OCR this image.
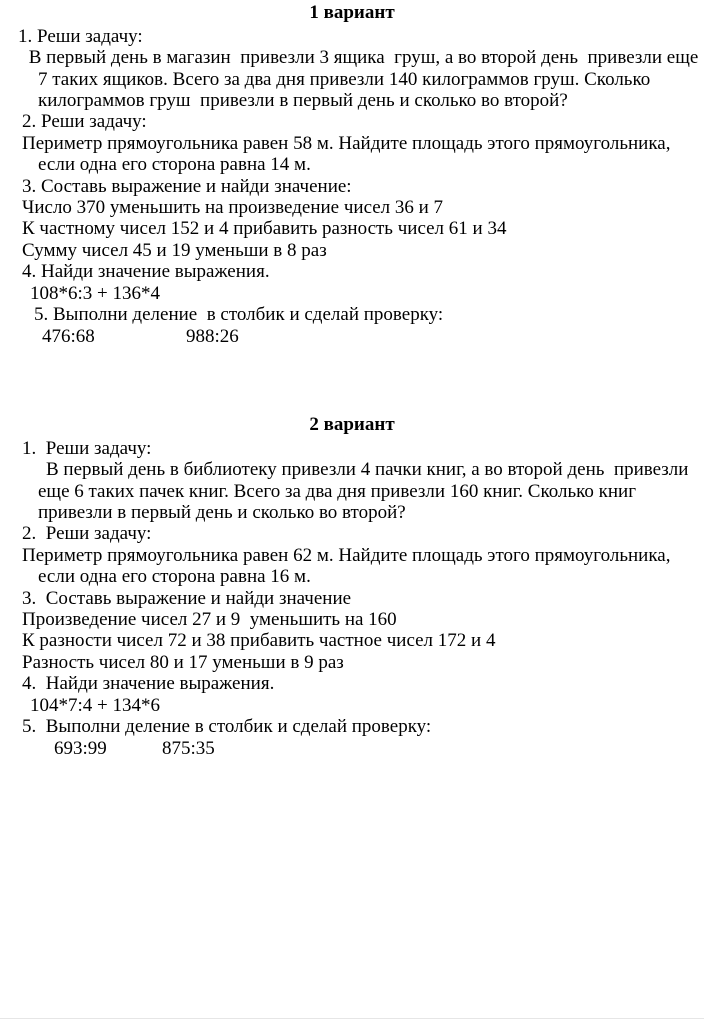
1 вариант
1. Реши задачу:
В первый день в магазин  привезли 3 ящика  груш, а во второй день  привезли еще
7 таких ящиков. Всего за два дня привезли 140 килограммов груш. Сколько
килограммов груш  привезли в первый день и сколько во второй?
2. Реши задачу:
Периметр прямоугольника равен 58 м. Найдите площадь этого прямоугольника,
если одна его сторона равна 14 м.
3. Составь выражение и найди значение:
Число 370 уменьшить на произведение чисел 36 и 7
К частному чисел 152 и 4 прибавить разность чисел 61 и 34
Сумму чисел 45 и 19 уменьши в 8 раз
4. Найди значение выражения.
108*6:3 + 136*4
5. Выполни деление  в столбик и сделай проверку:
476:68	988:26
2 вариант
1.  Реши задачу:
В первый день в библиотеку привезли 4 пачки книг, а во второй день  привезли
еще 6 таких пачек книг. Всего за два дня привезли 160 книг. Сколько книг
привезли в первый день и сколько во второй?
2.  Реши задачу:
Периметр прямоугольника равен 62 м. Найдите площадь этого прямоугольника,
если одна его сторона равна 16 м.
3.  Составь выражение и найди значение
Произведение чисел 27 и 9  уменьшить на 160
К разности чисел 72 и 38 прибавить частное чисел 172 и 4
Разность чисел 80 и 17 уменьши в 9 раз
4.  Найди значение выражения.
104*7:4 + 134*6
5.  Выполни деление в столбик и сделай проверку:
693:99	875:35
